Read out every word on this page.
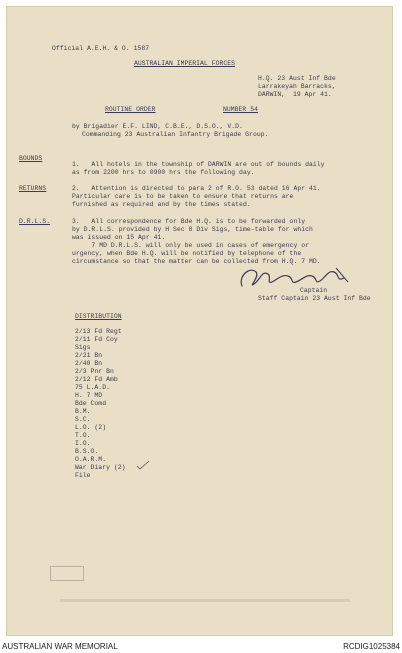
Official A.E.H. & O. 1587
AUSTRALIAN IMPERIAL FORCES
H.Q. 23 Aust Inf Bde
Larrakeyah Barracks,
DARWIN,  19 Apr 41.
ROUTINE ORDER	NUMBER 54
by Brigadier E.F. LIND, C.B.E., D.S.O., V.D.
Commanding 23 Australian Infantry Brigade Group.
BOUNDS
1.   All hotels in the township of DARWIN are out of bounds daily
as from 2200 hrs to 0900 hrs the following day.
RETURNS	2.   Attention is directed to para 2 of R.O. 53 dated 16 Apr 41.
Particular care is to be taken to ensure that returns are
furnished as required and by the times stated.
D.R.L.S.	3.   All correspondence for Bde H.Q. is to be forwarded only
by D.R.L.S. provided by H Sec 8 Div Sigs, time-table for which
was issued on 15 Apr 41.
7 MD D.R.L.S. will only be used in cases of emergency or
urgency, when Bde H.Q. will be notified by telephone of the
circumstance so that the matter can be collected from H.Q. 7 MD.
Captain
Staff Captain 23 Aust Inf Bde
DISTRIBUTION
2/13 Fd Regt
2/11 Fd Coy
Sigs
2/21 Bn
2/40 Bn
2/3 Pnr Bn
2/12 Fd Amb
75 L.A.D.
H. 7 MD
Bde Comd
B.M.
S.C.
L.O. (2)
T.O.
I.O.
B.S.O.
O.A.R.M.
War Diary (2)
File
AUSTRALIAN WAR MEMORIAL	RCDIG1025384
